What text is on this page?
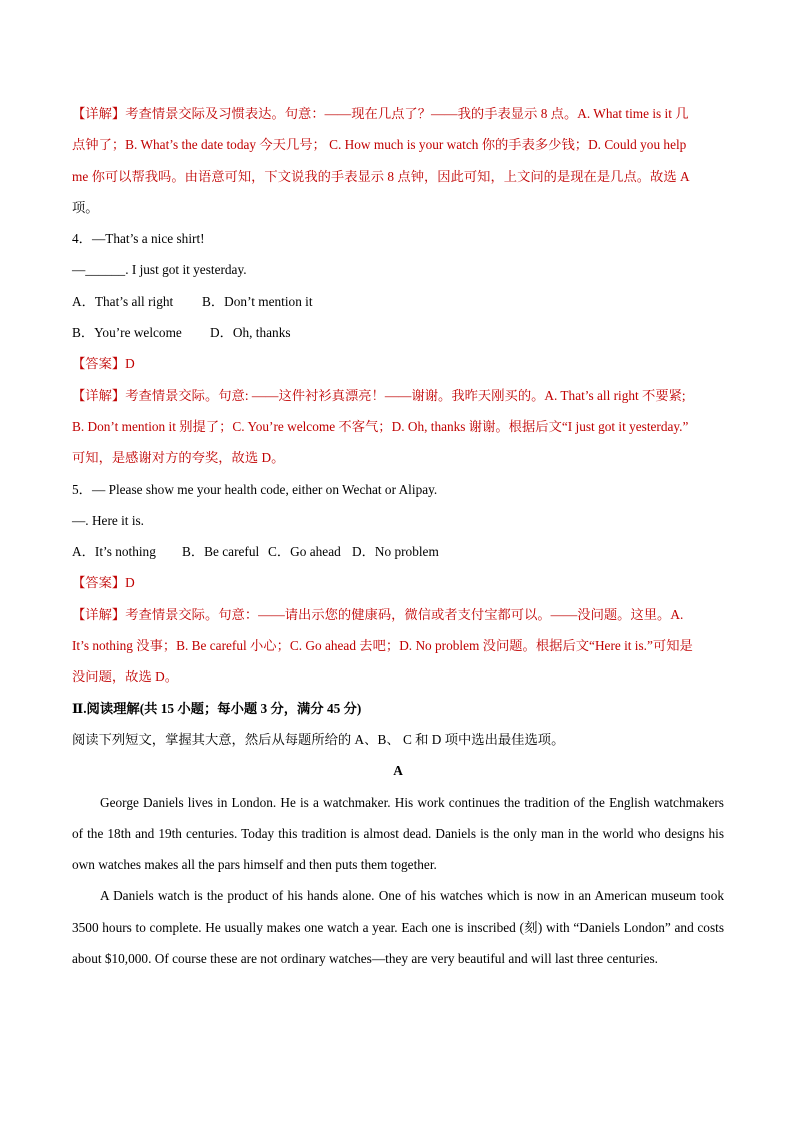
【详解】考查情景交际及习惯表达。句意：——现在几点了？——我的手表显示 8 点。A. What time is it 几
点钟了；B. What’s the date today 今天几号； C. How much is your watch 你的手表多少钱；D. Could you help
me 你可以帮我吗。由语意可知，下文说我的手表显示 8 点钟，因此可知，上文问的是现在是几点。故选 A
项。
4．—That’s a nice shirt!
—______. I just got it yesterday.
A．That’s all right B．Don’t mention it
B．You’re welcome D．Oh, thanks
【答案】D
【详解】考查情景交际。句意: ——这件衬衫真漂亮！——谢谢。我昨天刚买的。A. That’s all right 不要紧;
B. Don’t mention it 别提了；C. You’re welcome 不客气；D. Oh, thanks 谢谢。根据后文“I just got it yesterday.”
可知，是感谢对方的夸奖，故选 D。
5．— Please show me your health code, either on Wechat or Alipay.
—. Here it is.
A．It’s nothing B．Be careful C．Go ahead D．No problem
【答案】D
【详解】考查情景交际。句意：——请出示您的健康码，微信或者支付宝都可以。——没问题。这里。A.
It’s nothing 没事；B. Be careful 小心；C. Go ahead 去吧；D. No problem 没问题。根据后文“Here it is.”可知是
没问题，故选 D。
Ⅱ.阅读理解(共 15 小题；每小题 3 分，满分 45 分)
阅读下列短文，掌握其大意，然后从每题所给的 A、B、 C 和 D 项中选出最佳选项。
A
George Daniels lives in London. He is a watchmaker. His work continues the tradition of the English watchmakers of the 18th and 19th centuries. Today this tradition is almost dead. Daniels is the only man in the world who designs his own watches makes all the pars himself and then puts them together.
A Daniels watch is the product of his hands alone. One of his watches which is now in an American museum took 3500 hours to complete. He usually makes one watch a year. Each one is inscribed (刻) with “Daniels London” and costs about $10,000. Of course these are not ordinary watches—they are very beautiful and will last three centuries.
